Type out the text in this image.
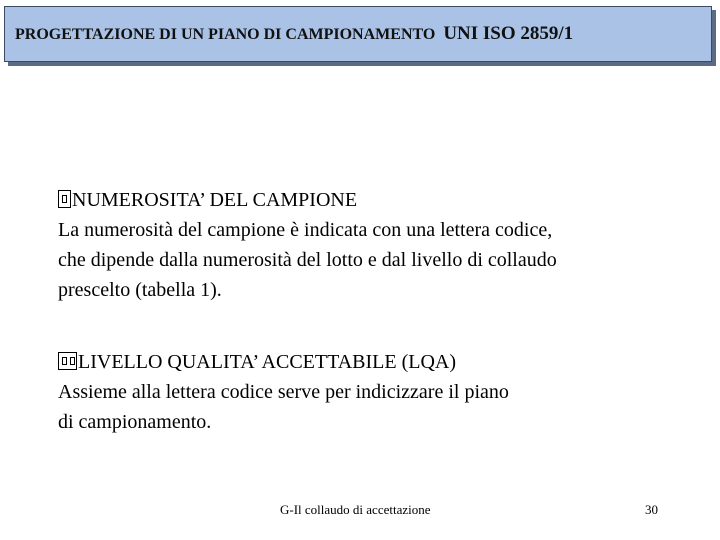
PROGETTAZIONE DI UN PIANO DI CAMPIONAMENTO UNI ISO 2859/1
NUMEROSITA’ DEL CAMPIONE
La numerosità del campione è indicata con una lettera codice,
che dipende dalla numerosità del lotto e dal livello di collaudo
prescelto (tabella 1).
LIVELLO QUALITA’ ACCETTABILE (LQA)
Assieme alla lettera codice serve per indicizzare il piano
di campionamento.
G-Il collaudo di accettazione	30
